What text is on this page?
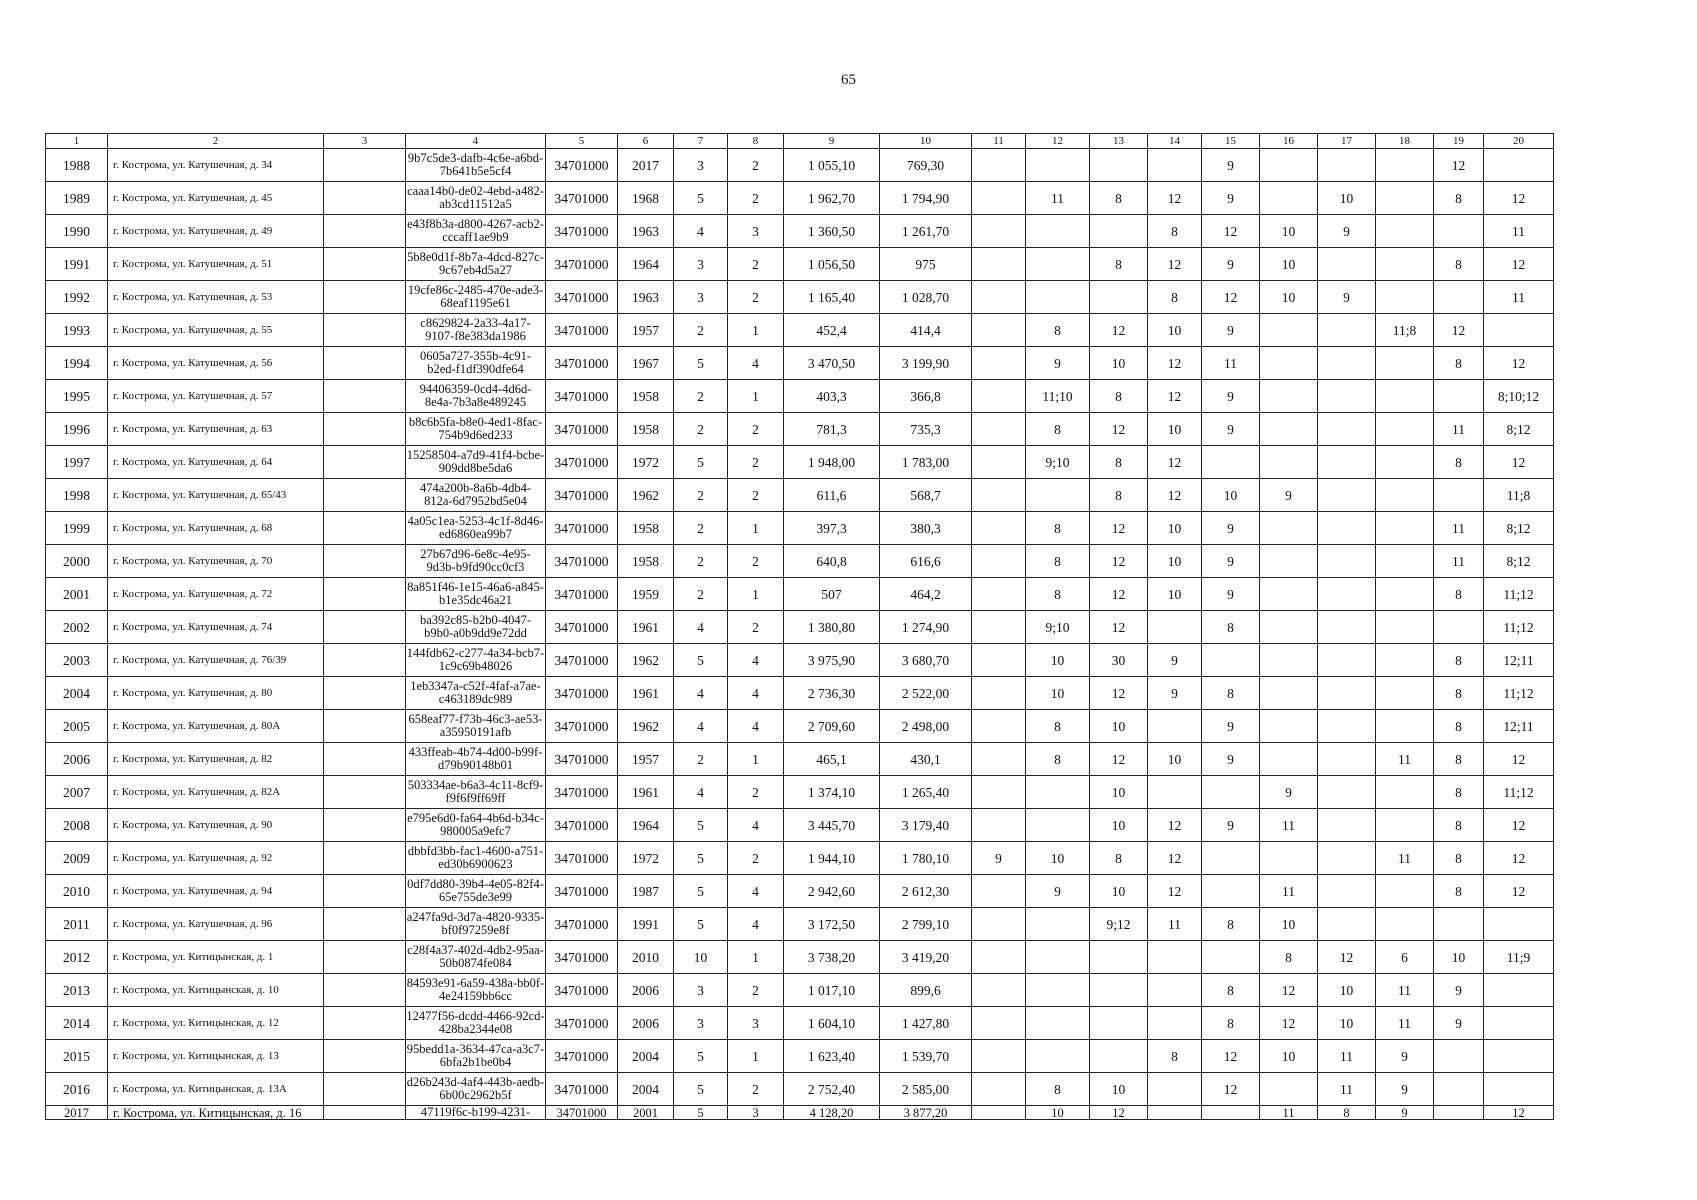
65
1	2	3	4	5	6	7	8	9	10	11	12	13	14	15	16	17	18	19	20
1988	г. Кострома, ул. Катушечная, д. 34		9b7c5de3-dafb-4c6e-a6bd-7b641b5e5cf4	34701000	2017	3	2	1 055,10	769,30					9				12	
1989	г. Кострома, ул. Катушечная, д. 45		caaa14b0-de02-4ebd-a482-ab3cd11512a5	34701000	1968	5	2	1 962,70	1 794,90		11	8	12	9		10		8	12
1990	г. Кострома, ул. Катушечная, д. 49		e43f8b3a-d800-4267-acb2-cccaff1ae9b9	34701000	1963	4	3	1 360,50	1 261,70				8	12	10	9			11
1991	г. Кострома, ул. Катушечная, д. 51		5b8e0d1f-8b7a-4dcd-827c-9c67eb4d5a27	34701000	1964	3	2	1 056,50	975			8	12	9	10			8	12
1992	г. Кострома, ул. Катушечная, д. 53		19cfe86c-2485-470e-ade3-68eaf1195e61	34701000	1963	3	2	1 165,40	1 028,70				8	12	10	9			11
1993	г. Кострома, ул. Катушечная, д. 55		c8629824-2a33-4a17-9107-f8e383da1986	34701000	1957	2	1	452,4	414,4		8	12	10	9			11;8	12	
1994	г. Кострома, ул. Катушечная, д. 56		0605a727-355b-4c91-b2ed-f1df390dfe64	34701000	1967	5	4	3 470,50	3 199,90		9	10	12	11				8	12
1995	г. Кострома, ул. Катушечная, д. 57		94406359-0cd4-4d6d-8e4a-7b3a8e489245	34701000	1958	2	1	403,3	366,8		11;10	8	12	9					8;10;12
1996	г. Кострома, ул. Катушечная, д. 63		b8c6b5fa-b8e0-4ed1-8fac-754b9d6ed233	34701000	1958	2	2	781,3	735,3		8	12	10	9				11	8;12
1997	г. Кострома, ул. Катушечная, д. 64		15258504-a7d9-41f4-bcbe-909dd8be5da6	34701000	1972	5	2	1 948,00	1 783,00		9;10	8	12					8	12
1998	г. Кострома, ул. Катушечная, д. 65/43		474a200b-8a6b-4db4-812a-6d7952bd5e04	34701000	1962	2	2	611,6	568,7			8	12	10	9				11;8
1999	г. Кострома, ул. Катушечная, д. 68		4a05c1ea-5253-4c1f-8d46-ed6860ea99b7	34701000	1958	2	1	397,3	380,3		8	12	10	9				11	8;12
2000	г. Кострома, ул. Катушечная, д. 70		27b67d96-6e8c-4e95-9d3b-b9fd90cc0cf3	34701000	1958	2	2	640,8	616,6		8	12	10	9				11	8;12
2001	г. Кострома, ул. Катушечная, д. 72		8a851f46-1e15-46a6-a845-b1e35dc46a21	34701000	1959	2	1	507	464,2		8	12	10	9				8	11;12
2002	г. Кострома, ул. Катушечная, д. 74		ba392c85-b2b0-4047-b9b0-a0b9dd9e72dd	34701000	1961	4	2	1 380,80	1 274,90		9;10	12		8					11;12
2003	г. Кострома, ул. Катушечная, д. 76/39		144fdb62-c277-4a34-bcb7-1c9c69b48026	34701000	1962	5	4	3 975,90	3 680,70		10	30	9					8	12;11
2004	г. Кострома, ул. Катушечная, д. 80		1eb3347a-c52f-4faf-a7ae-c463189dc989	34701000	1961	4	4	2 736,30	2 522,00		10	12	9	8				8	11;12
2005	г. Кострома, ул. Катушечная, д. 80А		658eaf77-f73b-46c3-ae53-a35950191afb	34701000	1962	4	4	2 709,60	2 498,00		8	10		9				8	12;11
2006	г. Кострома, ул. Катушечная, д. 82		433ffeab-4b74-4d00-b99f-d79b90148b01	34701000	1957	2	1	465,1	430,1		8	12	10	9			11	8	12
2007	г. Кострома, ул. Катушечная, д. 82А		503334ae-b6a3-4c11-8cf9-f9f6f9ff69ff	34701000	1961	4	2	1 374,10	1 265,40			10			9			8	11;12
2008	г. Кострома, ул. Катушечная, д. 90		e795e6d0-fa64-4b6d-b34c-980005a9efc7	34701000	1964	5	4	3 445,70	3 179,40			10	12	9	11			8	12
2009	г. Кострома, ул. Катушечная, д. 92		dbbfd3bb-fac1-4600-a751-ed30b6900623	34701000	1972	5	2	1 944,10	1 780,10	9	10	8	12				11	8	12
2010	г. Кострома, ул. Катушечная, д. 94		0df7dd80-39b4-4e05-82f4-65e755de3e99	34701000	1987	5	4	2 942,60	2 612,30		9	10	12		11			8	12
2011	г. Кострома, ул. Катушечная, д. 96		a247fa9d-3d7a-4820-9335-bf0f97259e8f	34701000	1991	5	4	3 172,50	2 799,10			9;12	11	8	10				
2012	г. Кострома, ул. Китицынская, д. 1		c28f4a37-402d-4db2-95aa-50b0874fe084	34701000	2010	10	1	3 738,20	3 419,20						8	12	6	10	11;9
2013	г. Кострома, ул. Китицынская, д. 10		84593e91-6a59-438a-bb0f-4e24159bb6cc	34701000	2006	3	2	1 017,10	899,6					8	12	10	11	9	
2014	г. Кострома, ул. Китицынская, д. 12		12477f56-dcdd-4466-92cd-428ba2344e08	34701000	2006	3	3	1 604,10	1 427,80					8	12	10	11	9	
2015	г. Кострома, ул. Китицынская, д. 13		95bedd1a-3634-47ca-a3c7-6bfa2b1be0b4	34701000	2004	5	1	1 623,40	1 539,70				8	12	10	11	9		
2016	г. Кострома, ул. Китицынская, д. 13А		d26b243d-4af4-443b-aedb-6b00c2962b5f	34701000	2004	5	2	2 752,40	2 585,00		8	10		12		11	9		
2017	г. Кострома, ул. Китицынская, д. 16		47119f6c-b199-4231-	34701000	2001	5	3	4 128,20	3 877,20		10	12			11	8	9		12
